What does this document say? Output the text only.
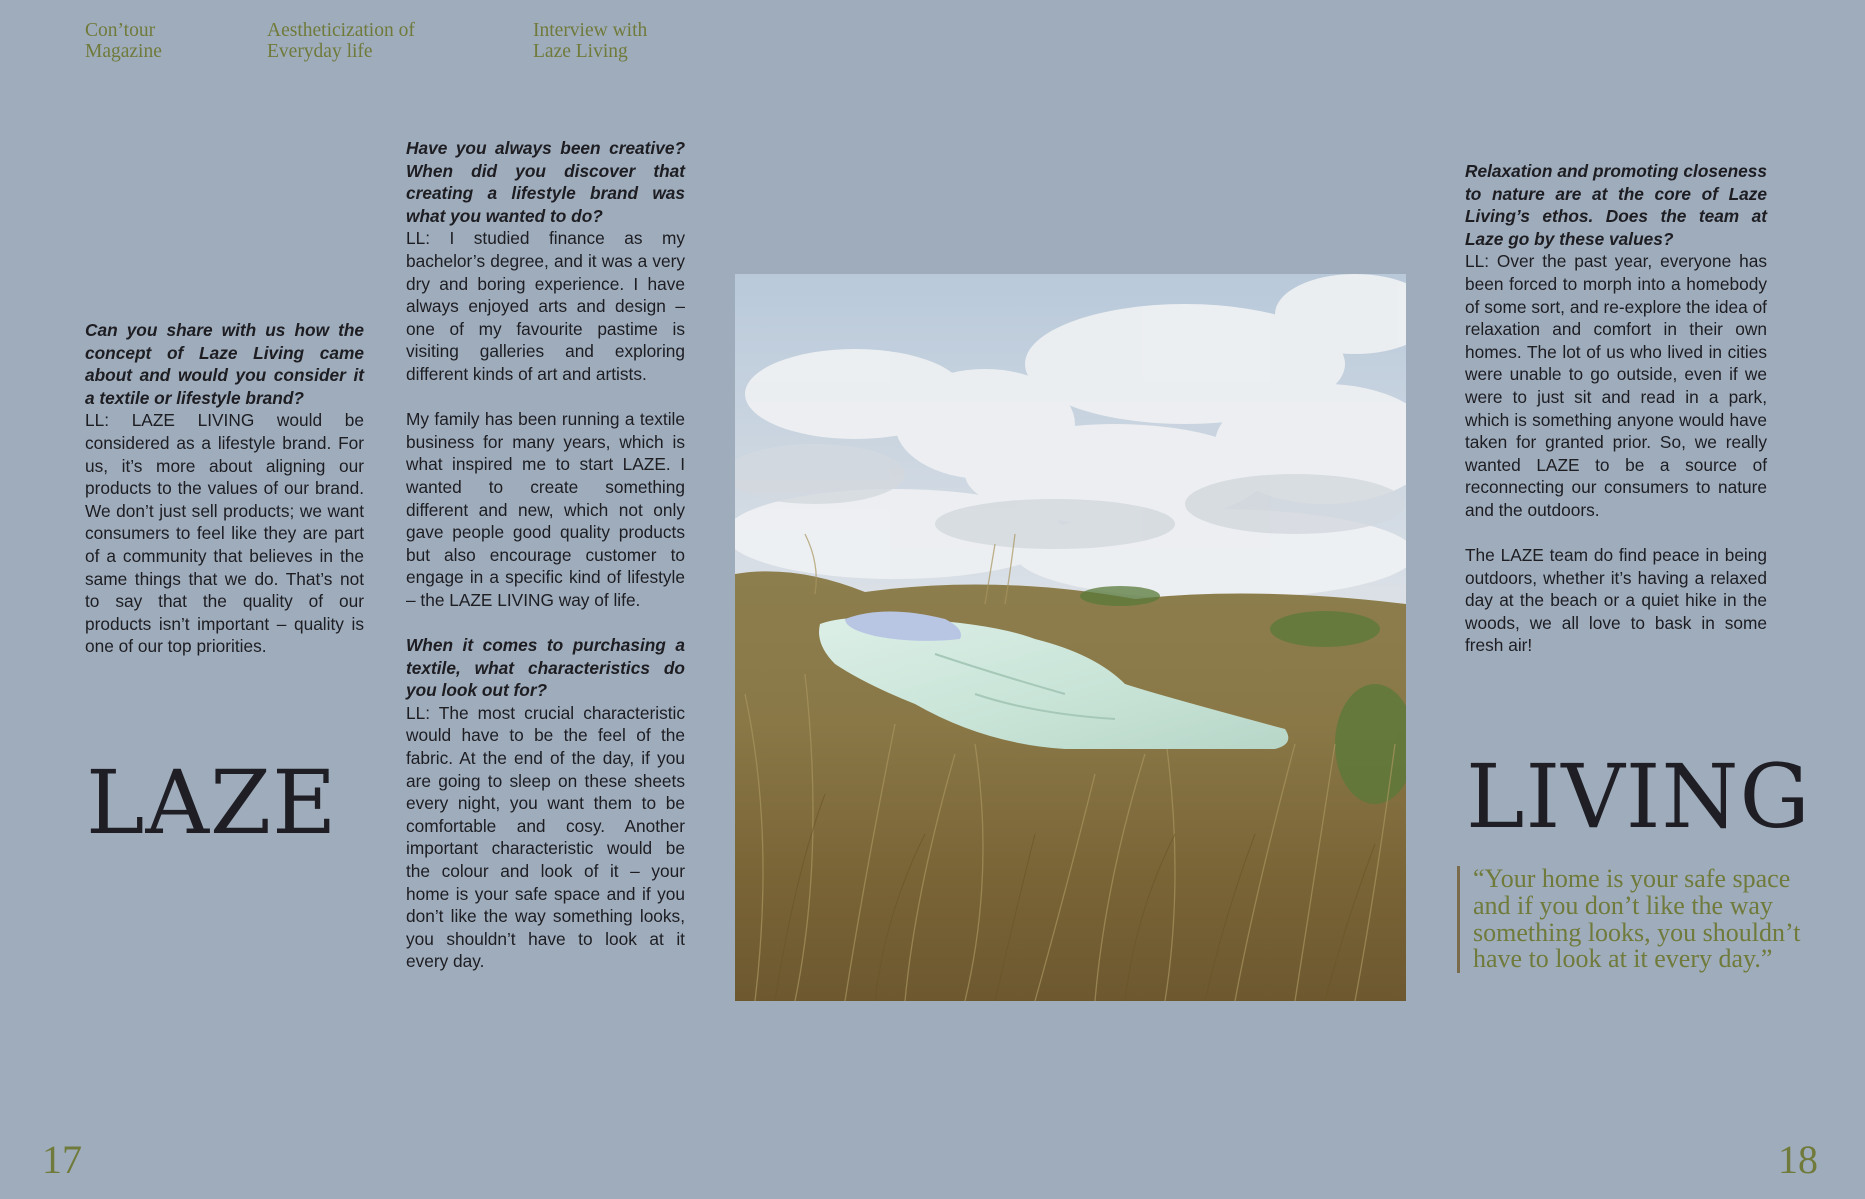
Con’tour
Magazine
Aestheticization of
Everyday life
Interview with
Laze Living

Can you share with us how the concept of Laze Living came about and would you consider it a textile or lifestyle brand?
LL: LAZE LIVING would be considered as a lifestyle brand. For us, it’s more about aligning our products to the values of our brand. We don’t just sell products; we want consumers to feel like they are part of a community that believes in the same things that we do. That’s not to say that the quality of our products isn’t important – quality is one of our top priorities.

Have you always been creative? When did you discover that creating a lifestyle brand was what you wanted to do?
LL: I studied finance as my bachelor’s degree, and it was a very dry and boring experience. I have always enjoyed arts and design – one of my favourite pastime is visiting galleries and exploring different kinds of art and artists.

My family has been running a textile business for many years, which is what inspired me to start LAZE. I wanted to create something different and new, which not only gave people good quality products but also encourage customer to engage in a specific kind of lifestyle – the LAZE LIVING way of life.

When it comes to purchasing a textile, what characteristics do you look out for?
LL: The most crucial characteristic would have to be the feel of the fabric. At the end of the day, if you are going to sleep on these sheets every night, you want them to be comfortable and cosy. Another important characteristic would be the colour and look of it – your home is your safe space and if you don’t like the way something looks, you shouldn’t have to look at it every day.

Relaxation and promoting closeness to nature are at the core of Laze Living’s ethos. Does the team at Laze go by these values?
LL: Over the past year, everyone has been forced to morph into a homebody of some sort, and re-explore the idea of relaxation and comfort in their own homes. The lot of us who lived in cities were unable to go outside, even if we were to just sit and read in a park, which is something anyone would have taken for granted prior. So, we really wanted LAZE to be a source of reconnecting our consumers to nature and the outdoors.

The LAZE team do find peace in being outdoors, whether it’s having a relaxed day at the beach or a quiet hike in the woods, we all love to bask in some fresh air!

LAZE	LIVING

“Your home is your safe space and if you don’t like the way something looks, you shouldn’t have to look at it every day.”

17	18
